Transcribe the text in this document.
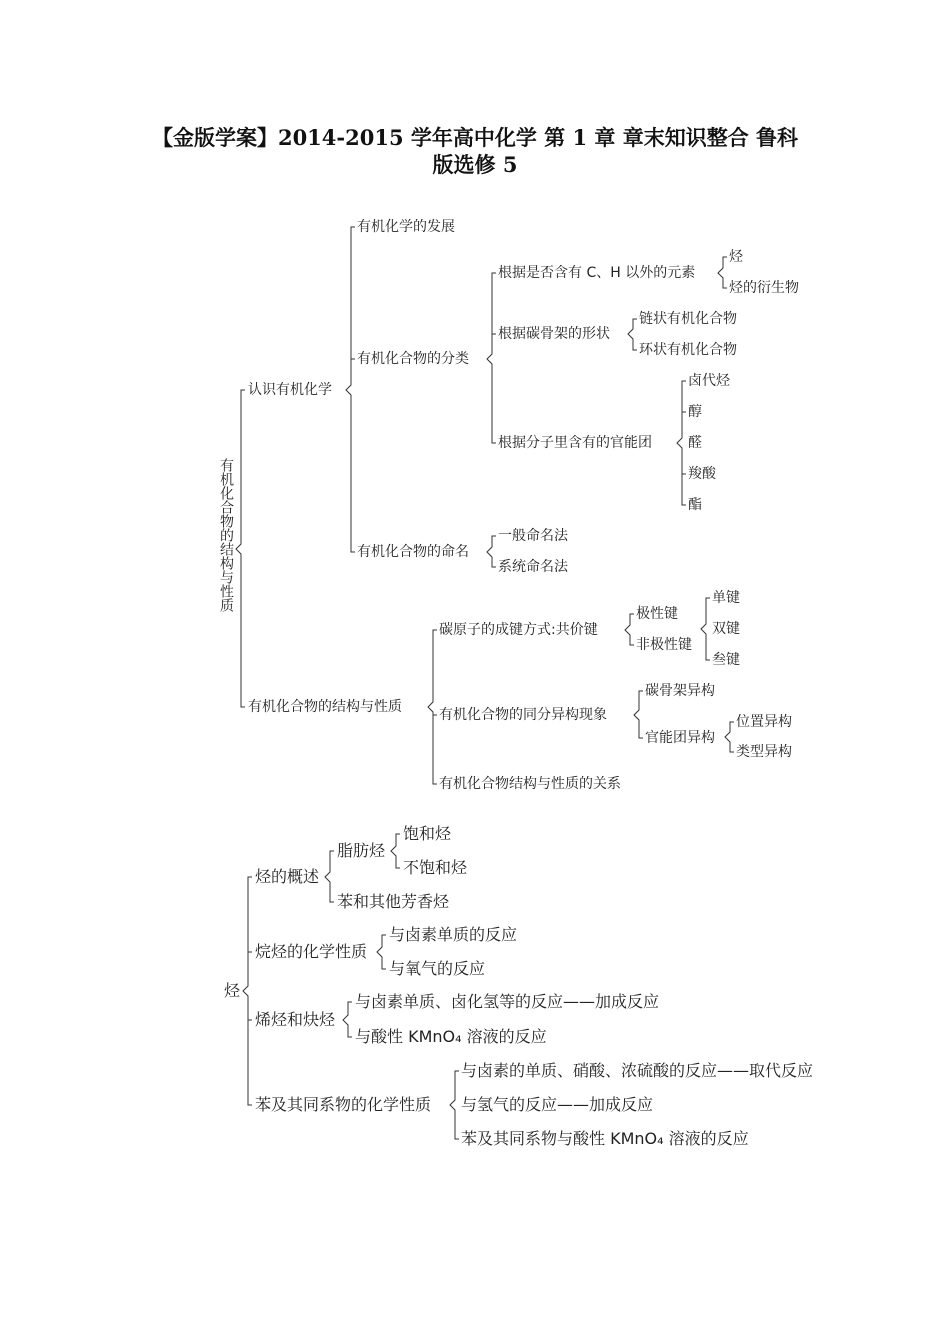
【金版学案】2014-2015 学年高中化学 第 1 章 章末知识整合 鲁科
版选修 5
有机化合物的结构与性质
认识有机化学
有机化学的发展
有机化合物的分类
根据是否含有 C、H 以外的元素
烃
烃的衍生物
根据碳骨架的形状
链状有机化合物
环状有机化合物
根据分子里含有的官能团
卤代烃
醇
醛
羧酸
酯
有机化合物的命名
一般命名法
系统命名法
有机化合物的结构与性质
碳原子的成键方式:共价键
极性键
非极性键
单键
双键
叁键
有机化合物的同分异构现象
碳骨架异构
官能团异构
位置异构
类型异构
有机化合物结构与性质的关系
烃
烃的概述
脂肪烃
饱和烃
不饱和烃
苯和其他芳香烃
烷烃的化学性质
与卤素单质的反应
与氧气的反应
烯烃和炔烃
与卤素单质、卤化氢等的反应——加成反应
与酸性 KMnO₄ 溶液的反应
苯及其同系物的化学性质
与卤素的单质、硝酸、浓硫酸的反应——取代反应
与氢气的反应——加成反应
苯及其同系物与酸性 KMnO₄ 溶液的反应
